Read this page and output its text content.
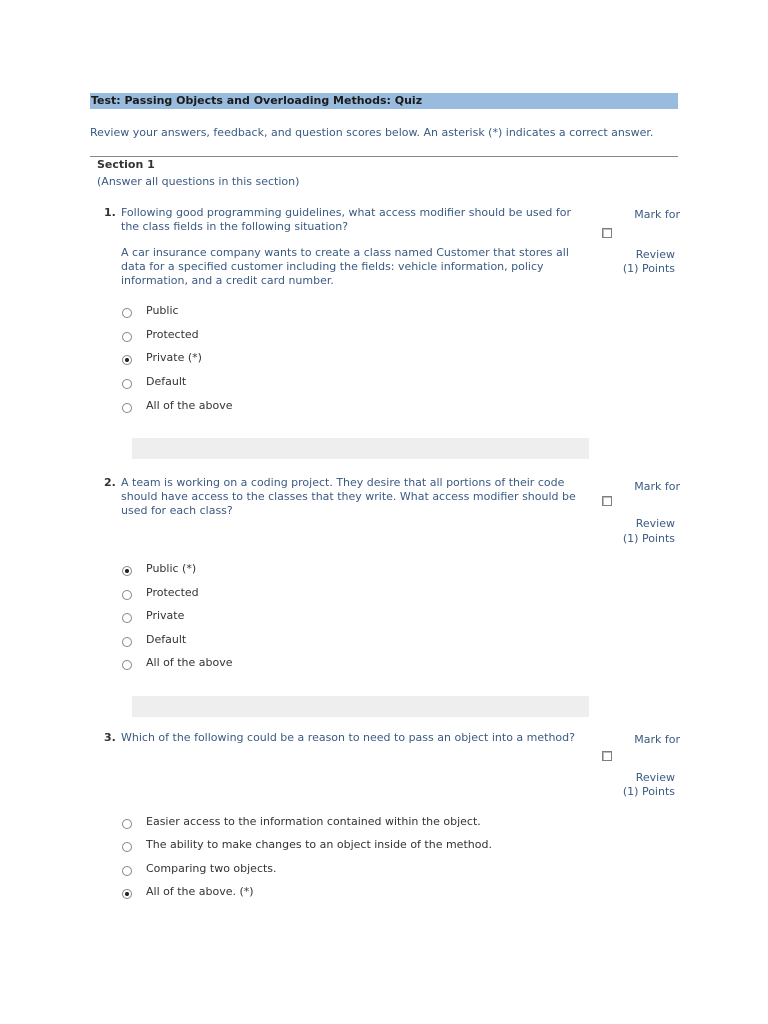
Test: Passing Objects and Overloading Methods: Quiz
Review your answers, feedback, and question scores below. An asterisk (*) indicates a correct answer.
Section 1
(Answer all questions in this section)
1. Following good programming guidelines, what access modifier should be used for the class fields in the following situation?

A car insurance company wants to create a class named Customer that stores all data for a specified customer including the fields: vehicle information, policy information, and a credit card number.

Mark for
Review
(1) Points
Public
Protected
Private (*)
Default
All of the above
2. A team is working on a coding project. They desire that all portions of their code should have access to the classes that they write. What access modifier should be used for each class?

Mark for
Review
(1) Points
Public (*)
Protected
Private
Default
All of the above
3. Which of the following could be a reason to need to pass an object into a method?	Mark for
Review
(1) Points
Easier access to the information contained within the object.
The ability to make changes to an object inside of the method.
Comparing two objects.
All of the above. (*)
